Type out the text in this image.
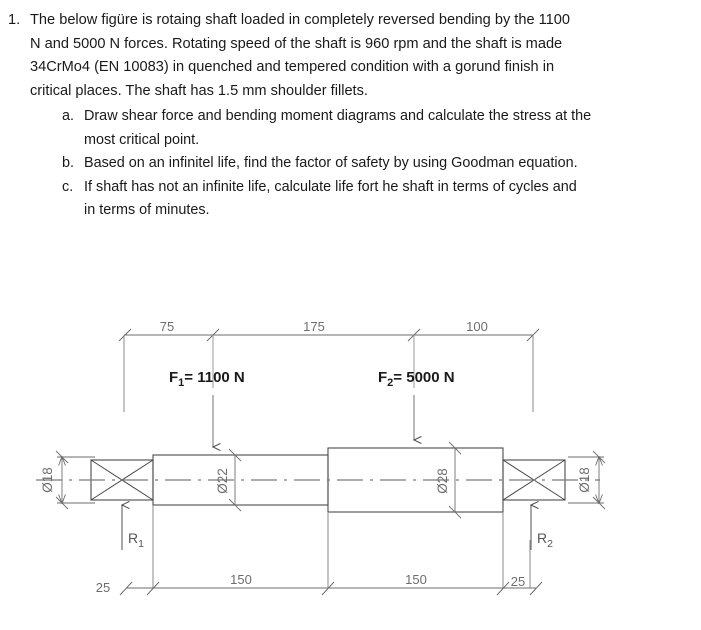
1. The below figüre is rotaing shaft loaded in completely reversed bending by the 1100
N and 5000 N forces. Rotating speed of the shaft is 960 rpm and the shaft is made
34CrMo4 (EN 10083) in quenched and tempered condition with a gorund finish in
critical places. The shaft has 1.5 mm shoulder fillets.
a. Draw shear force and bending moment diagrams and calculate the stress at the
most critical point.
b. Based on an infinitel life, find the factor of safety by using Goodman equation.
c. If shaft has not an infinite life, calculate life fort he shaft in terms of cycles and
in terms of minutes.
75	175	100
$F_1= 1100$ N	$F_2= 5000$ N
Ø18	Ø22	Ø28	Ø18
$R_1$	$R_2$
25
150	150	25
